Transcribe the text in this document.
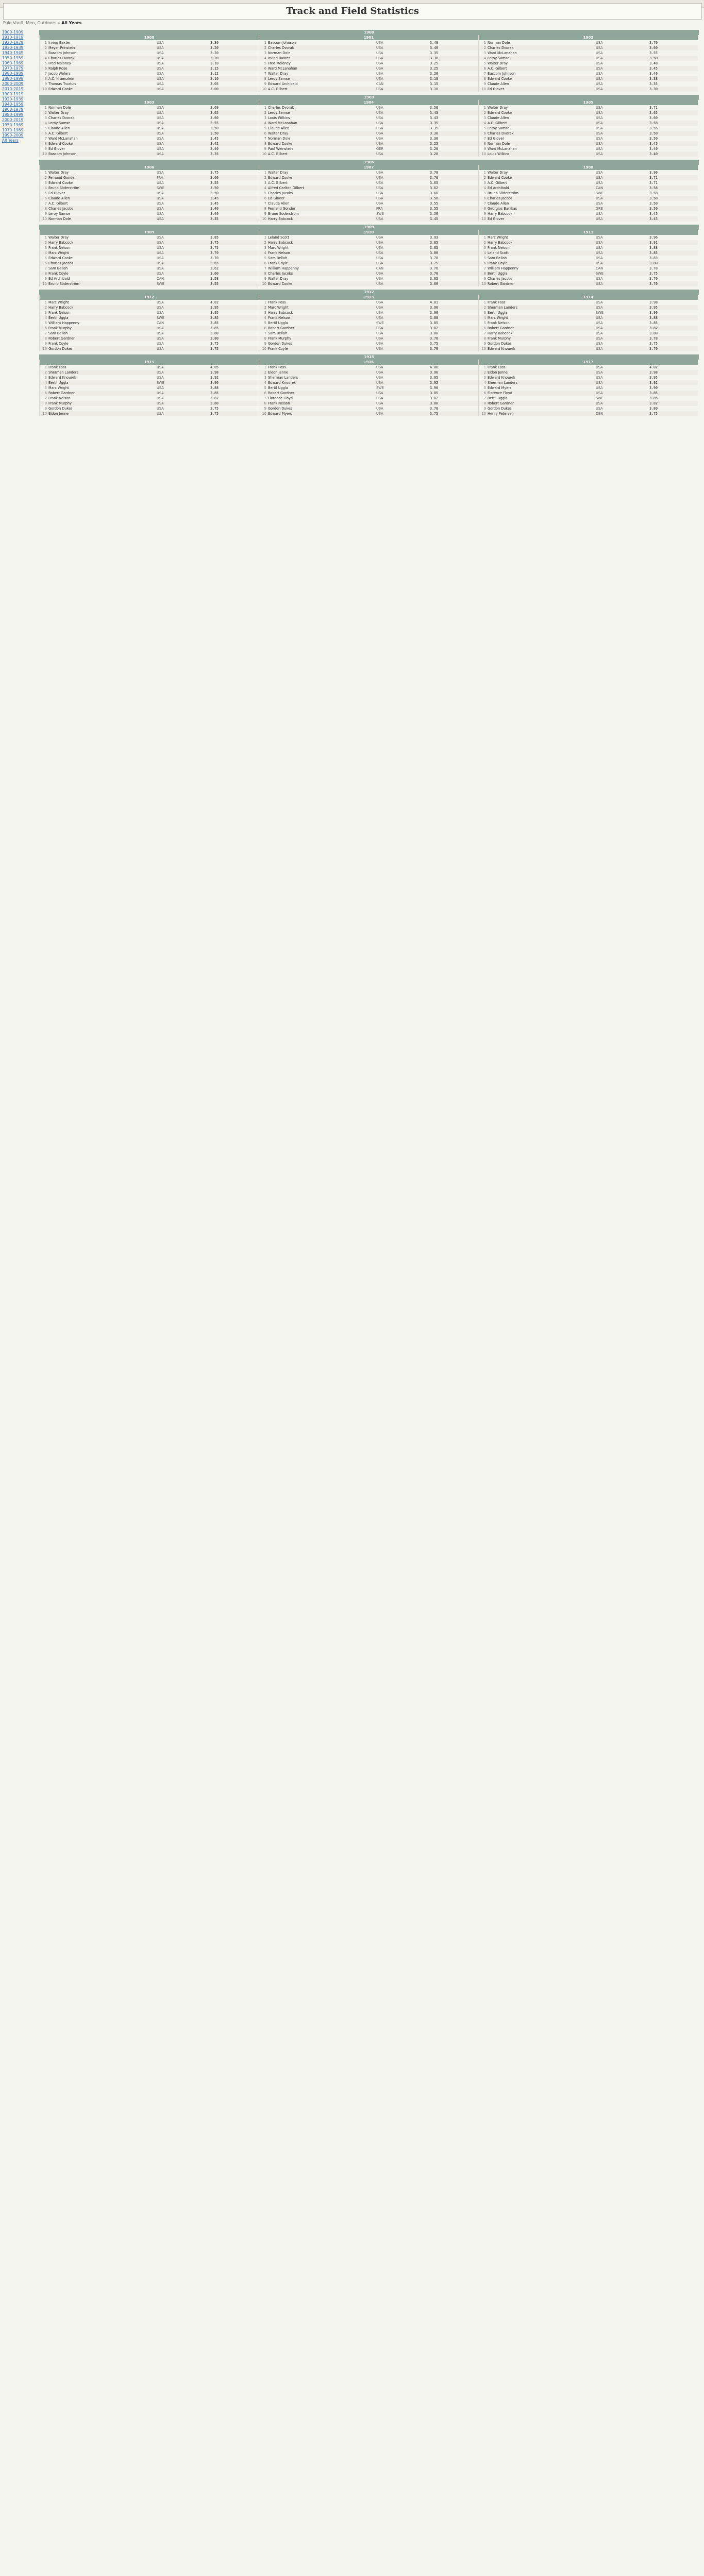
Track and Field Statistics
Pole Vault, Men, Outdoors » All Years
1900-1909
1910-1919
1920-1929
1930-1939
1940-1949
1950-1959
1960-1969
1970-1979
1980-1989
1990-1999
2000-2009
2010-2019
1900-1919
1920-1939
1940-1959
1960-1979
1980-1999
2000-2019
1950-1969
1970-1989
1990-2009
All Years
1900
1900
1 Irving Baxter	USA	3.30
2 Meyer Prinstein	USA	3.20
3 Bascom Johnson	USA	3.20
4 Charles Dvorak	USA	3.20
5 Fred Moloney	USA	3.18
6 Ralph Rose	USA	3.15
7 Jacob Wefers	USA	3.12
8 A.C. Kraenzlein	USA	3.10
9 Thomas Truxtun	USA	3.05
10 Edward Cooke	USA	3.00
1901
1 Bascom Johnson	USA	3.48
2 Charles Dvorak	USA	3.40
3 Norman Dole	USA	3.35
4 Irving Baxter	USA	3.30
5 Fred Moloney	USA	3.25
6 Ward McLanahan	USA	3.25
7 Walter Dray	USA	3.20
8 Leroy Samse	USA	3.18
9 Edward Archibald	CAN	3.15
10 A.C. Gilbert	USA	3.10
1902
1 Norman Dole	USA	3.70
2 Charles Dvorak	USA	3.60
3 Ward McLanahan	USA	3.55
4 Leroy Samse	USA	3.50
5 Walter Dray	USA	3.48
6 A.C. Gilbert	USA	3.45
7 Bascom Johnson	USA	3.40
8 Edward Cooke	USA	3.38
9 Claude Allen	USA	3.35
10 Ed Glover	USA	3.30
1903
1903
1 Norman Dole	USA	3.69
2 Walter Dray	USA	3.65
3 Charles Dvorak	USA	3.60
4 Leroy Samse	USA	3.55
5 Claude Allen	USA	3.50
6 A.C. Gilbert	USA	3.50
7 Ward McLanahan	USA	3.45
8 Edward Cooke	USA	3.42
9 Ed Glover	USA	3.40
10 Bascom Johnson	USA	3.35
1904
1 Charles Dvorak	USA	3.50
2 Leroy Samse	USA	3.43
3 Louis Wilkins	USA	3.43
4 Ward McLanahan	USA	3.35
5 Claude Allen	USA	3.35
6 Walter Dray	USA	3.30
7 Norman Dole	USA	3.30
8 Edward Cooke	USA	3.25
9 Paul Weinstein	GER	3.20
10 A.C. Gilbert	USA	3.20
1905
1 Walter Dray	USA	3.71
2 Edward Cooke	USA	3.65
3 Claude Allen	USA	3.60
4 A.C. Gilbert	USA	3.58
5 Leroy Samse	USA	3.55
6 Charles Dvorak	USA	3.50
7 Ed Glover	USA	3.50
8 Norman Dole	USA	3.45
9 Ward McLanahan	USA	3.40
10 Louis Wilkins	USA	3.40
1906
1906
1 Walter Dray	USA	3.75
2 Fernand Gonder	FRA	3.60
3 Edward Cooke	USA	3.55
4 Bruno Söderström	SWE	3.50
5 Ed Glover	USA	3.50
6 Claude Allen	USA	3.45
7 A.C. Gilbert	USA	3.45
8 Charles Jacobs	USA	3.40
9 Leroy Samse	USA	3.40
10 Norman Dole	USA	3.35
1907
1 Walter Dray	USA	3.78
2 Edward Cooke	USA	3.70
3 A.C. Gilbert	USA	3.65
4 Alfred Carlton Gilbert	USA	3.62
5 Charles Jacobs	USA	3.60
6 Ed Glover	USA	3.58
7 Claude Allen	USA	3.55
8 Fernand Gonder	FRA	3.55
9 Bruno Söderström	SWE	3.50
10 Harry Babcock	USA	3.45
1908
1 Walter Dray	USA	3.90
2 Edward Cooke	USA	3.71
3 A.C. Gilbert	USA	3.71
4 Ed Archibald	CAN	3.58
5 Bruno Söderström	SWE	3.58
6 Charles Jacobs	USA	3.58
7 Claude Allen	USA	3.50
8 Georgios Banikas	GRE	3.50
9 Harry Babcock	USA	3.45
10 Ed Glover	USA	3.45
1909
1909
1 Walter Dray	USA	3.85
2 Harry Babcock	USA	3.75
3 Frank Nelson	USA	3.75
4 Marc Wright	USA	3.70
5 Edward Cooke	USA	3.70
6 Charles Jacobs	USA	3.65
7 Sam Bellah	USA	3.62
8 Frank Coyle	USA	3.60
9 Ed Archibald	CAN	3.58
10 Bruno Söderström	SWE	3.55
1910
1 Leland Scott	USA	3.93
2 Harry Babcock	USA	3.85
3 Marc Wright	USA	3.85
4 Frank Nelson	USA	3.80
5 Sam Bellah	USA	3.78
6 Frank Coyle	USA	3.75
7 William Happenny	CAN	3.70
8 Charles Jacobs	USA	3.70
9 Walter Dray	USA	3.65
10 Edward Cooke	USA	3.60
1911
1 Marc Wright	USA	3.96
2 Harry Babcock	USA	3.91
3 Frank Nelson	USA	3.88
4 Leland Scott	USA	3.85
5 Sam Bellah	USA	3.83
6 Frank Coyle	USA	3.80
7 William Happenny	CAN	3.78
8 Bertil Uggla	SWE	3.75
9 Charles Jacobs	USA	3.70
10 Robert Gardner	USA	3.70
1912
1912
1 Marc Wright	USA	4.02
2 Harry Babcock	USA	3.95
3 Frank Nelson	USA	3.95
4 Bertil Uggla	SWE	3.85
5 William Happenny	CAN	3.85
6 Frank Murphy	USA	3.85
7 Sam Bellah	USA	3.80
8 Robert Gardner	USA	3.80
9 Frank Coyle	USA	3.75
10 Gordon Dukes	USA	3.75
1913
1 Frank Foss	USA	4.01
2 Marc Wright	USA	3.96
3 Harry Babcock	USA	3.90
4 Frank Nelson	USA	3.88
5 Bertil Uggla	SWE	3.85
6 Robert Gardner	USA	3.82
7 Sam Bellah	USA	3.80
8 Frank Murphy	USA	3.78
9 Gordon Dukes	USA	3.75
10 Frank Coyle	USA	3.70
1914
1 Frank Foss	USA	3.98
2 Sherman Landers	USA	3.95
3 Bertil Uggla	SWE	3.90
4 Marc Wright	USA	3.88
5 Frank Nelson	USA	3.85
6 Robert Gardner	USA	3.82
7 Harry Babcock	USA	3.80
8 Frank Murphy	USA	3.78
9 Gordon Dukes	USA	3.75
10 Edward Knourek	USA	3.70
1915
1915
1 Frank Foss	USA	4.05
2 Sherman Landers	USA	3.98
3 Edward Knourek	USA	3.92
4 Bertil Uggla	SWE	3.90
5 Marc Wright	USA	3.88
6 Robert Gardner	USA	3.85
7 Frank Nelson	USA	3.82
8 Frank Murphy	USA	3.80
9 Gordon Dukes	USA	3.75
10 Eldon Jenne	USA	3.75
1916
1 Frank Foss	USA	4.00
2 Eldon Jenne	USA	3.96
3 Sherman Landers	USA	3.95
4 Edward Knourek	USA	3.92
5 Bertil Uggla	SWE	3.90
6 Robert Gardner	USA	3.85
7 Florence Floyd	USA	3.82
8 Frank Nelson	USA	3.80
9 Gordon Dukes	USA	3.78
10 Edward Myers	USA	3.75
1917
1 Frank Foss	USA	4.02
2 Eldon Jenne	USA	3.98
3 Edward Knourek	USA	3.95
4 Sherman Landers	USA	3.92
5 Edward Myers	USA	3.90
6 Florence Floyd	USA	3.85
7 Bertil Uggla	SWE	3.85
8 Robert Gardner	USA	3.82
9 Gordon Dukes	USA	3.80
10 Henry Petersen	DEN	3.75
